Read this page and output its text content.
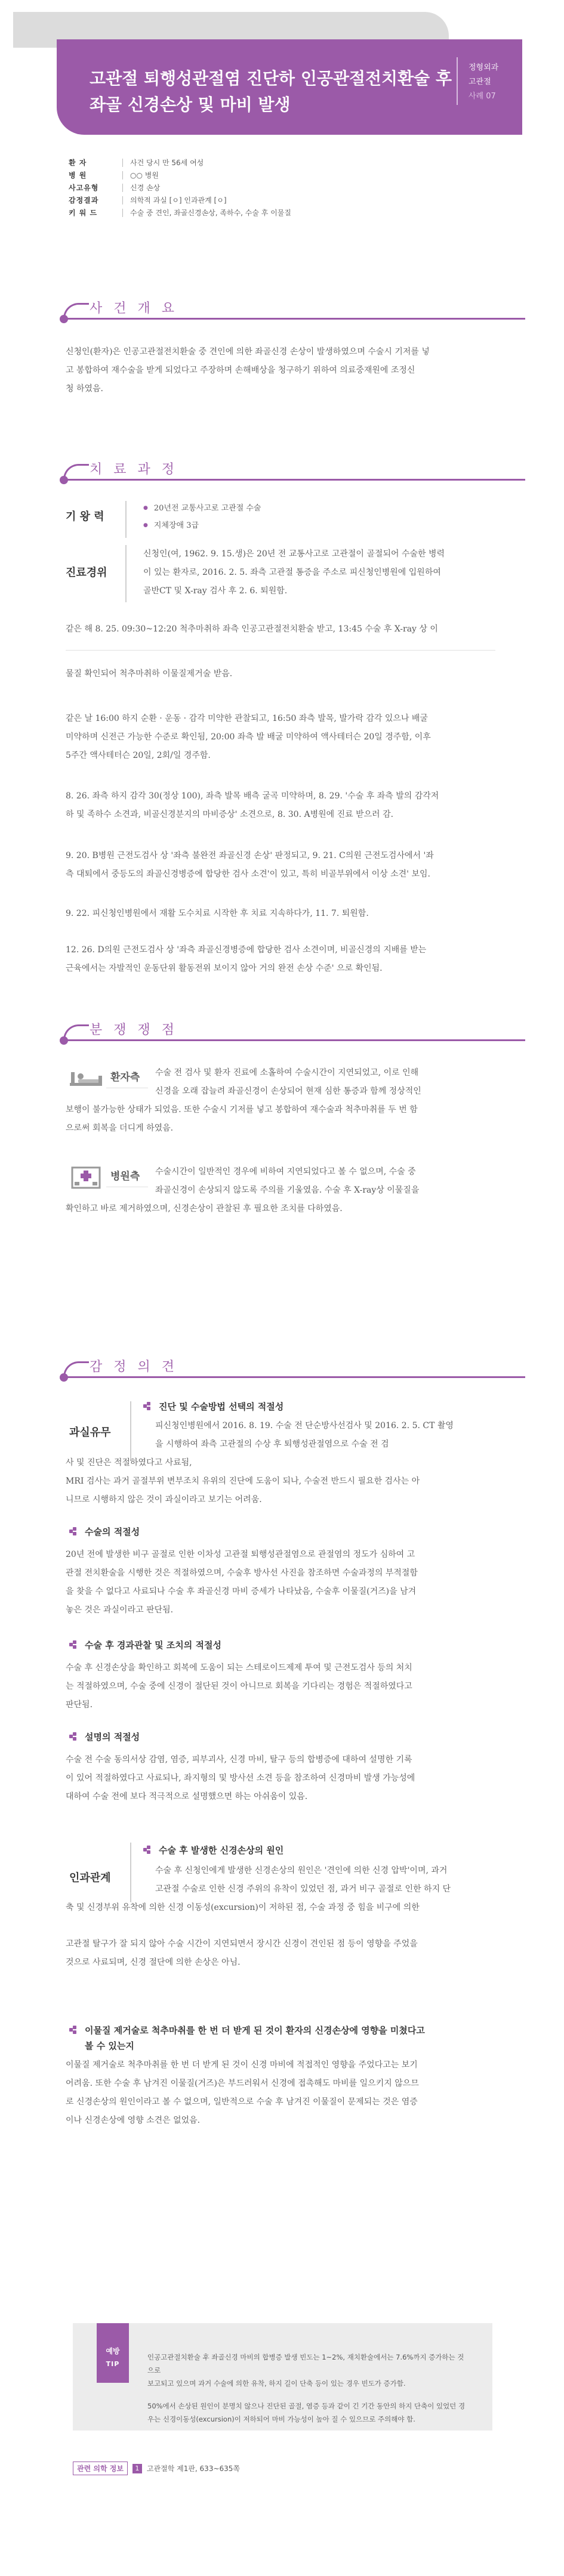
고관절 퇴행성관절염 진단하 인공관절전치환술 후
좌골 신경손상 및 마비 발생
정형외과
고관절
사례 07
환 자	사건 당시 만 56세 여성
병 원	○○ 병원
사고유형	신경 손상
감정결과	의학적 과실 [ㅇ] 인과관계 [ㅇ]
키 워 드	수술 중 견인, 좌골신경손상, 족하수, 수술 후 이물질
사 건 개 요
신청인(환자)은 인공고관절전치환술 중 견인에 의한 좌골신경 손상이 발생하였으며 수술시 기저를 넣
고 봉합하여 재수술을 받게 되었다고 주장하며 손해배상을 청구하기 위하여 의료중재원에 조정신
청 하였음.
치 료 과 정
기 왕 력
● 20년전 교통사고로 고관절 수술
● 지체장애 3급
진료경위
신청인(여, 1962. 9. 15.생)은 20년 전 교통사고로 고관절이 골절되어 수술한 병력
이 있는 환자로, 2016. 2. 5. 좌측 고관절 통증을 주소로 피신청인병원에 입원하여
골반CT 및 X-ray 검사 후 2. 6. 퇴원함.
같은 해 8. 25. 09:30~12:20 척추마취하 좌측 인공고관절전치환술 받고, 13:45 수술 후 X-ray 상 이
물질 확인되어 척추마취하 이물질제거술 받음.
같은 날 16:00 하지 순환 · 운동 · 감각 미약한 관찰되고, 16:50 좌측 발목, 발가락 감각 있으나 배굴
미약하며 신전근 가능한 수준로 확인됨, 20:00 좌측 발 배굴 미약하여 액사테터슨 20일 경주함, 이후
5주간 액사테터슨 20일, 2회/일 경주함.
8. 26. 좌측 하지 감각 30(정상 100), 좌측 발목 배측 굴곡 미약하며, 8. 29. '수술 후 좌측 발의 감각저
하 및 족하수 소견과, 비골신경분지의 마비증상' 소견으로, 8. 30. A병원에 진료 받으러 감.
9. 20. B병원 근전도검사 상 '좌측 불완전 좌골신경 손상' 판정되고, 9. 21. C의원 근전도검사에서 '좌
측 대퇴에서 중등도의 좌골신경병증에 합당한 검사 소견'이 있고, 특히 비골부위에서 이상 소견' 보임.
9. 22. 피신청인병원에서 재활 도수치료 시작한 후 치료 지속하다가, 11. 7. 퇴원함.
12. 26. D의원 근전도검사 상 '좌측 좌골신경병증에 합당한 검사 소견이며, 비골신경의 지배를 받는
근육에서는 자발적인 운동단위 활동전위 보이지 않아 거의 완전 손상 수준' 으로 확인됨.
분 쟁 쟁 점
환자측	수술 전 검사 및 환자 진료에 소홀하여 수술시간이 지연되었고, 이로 인해
신경을 오래 잡늘려 좌골신경이 손상되어 현재 심한 통증과 함께 정상적인
보행이 불가능한 상태가 되었음. 또한 수술시 기저를 넣고 봉합하여 재수술과 척추마취를 두 번 함
으로써 회복을 더디게 하였음.
병원측	수술시간이 일반적인 경우에 비하여 지연되었다고 볼 수 없으며, 수술 중
좌골신경이 손상되지 않도록 주의를 기울였음. 수술 후 X-ray상 이물질을
확인하고 바로 제거하였으며, 신경손상이 관찰된 후 필요한 조치를 다하였음.
감 정 의 견
과실유무
진단 및 수술방법 선택의 적절성
피신청인병원에서 2016. 8. 19. 수술 전 단순방사선검사 및 2016. 2. 5. CT 촬영
을 시행하여 좌측 고관절의 수상 후 퇴행성관절염으로 수술 전 검
사 및 진단은 적절하였다고 사료됨,
MRI 검사는 과거 골절부위 변부조치 유위의 진단에 도움이 되나, 수술전 반드시 필요한 검사는 아
니므로 시행하지 않은 것이 과실이라고 보기는 어려움.
수술의 적절성
20년 전에 발생한 비구 골절로 인한 이차성 고관절 퇴행성관절염으로 관절염의 정도가 심하여 고
관절 전치환술을 시행한 것은 적절하였으며, 수술후 방사선 사진을 참조하면 수술과정의 부적절함
을 찾을 수 없다고 사료되나 수술 후 좌골신경 마비 증세가 나타났음, 수술후 이물질(거즈)을 남겨
놓은 것은 과실이라고 판단됨.
수술 후 경과관찰 및 조치의 적절성
수술 후 신경손상을 확인하고 회복에 도움이 되는 스테로이드제제 투여 및 근전도검사 등의 처치
는 적절하였으며, 수술 중에 신경이 절단된 것이 아니므로 회복을 기다리는 경험은 적절하였다고
판단됨.
설명의 적절성
수술 전 수술 동의서상 감염, 염증, 피부괴사, 신경 마비, 탈구 등의 합병증에 대하여 설명한 기록
이 있어 적절하였다고 사료되나, 좌지형의 및 방사선 소견 등을 참조하여 신경마비 발생 가능성에
대하여 수술 전에 보다 적극적으로 설명했으면 하는 아쉬움이 있음.
인과관계
수술 후 발생한 신경손상의 원인
수술 후 신청인에게 발생한 신경손상의 원인은 '견인에 의한 신경 압박'이며, 과거
고관절 수술로 인한 신경 주위의 유착이 있었던 점, 과거 비구 골절로 인한 하지 단
축 및 신경부위 유착에 의한 신경 이동성(excursion)이 저하된 점, 수술 과정 중 힘을 비구에 의한
고관절 탈구가 잘 되지 않아 수술 시간이 지연되면서 장시간 신경이 견인된 점 등이 영향을 주었을
것으로 사료되며, 신경 절단에 의한 손상은 아님.
이물질 제거술로 척추마취를 한 번 더 받게 된 것이 환자의 신경손상에 영향을 미쳤다고
볼 수 있는지
이물질 제거술로 척추마취를 한 번 더 받게 된 것이 신경 마비에 적접적인 영향을 주었다고는 보기
어려움. 또한 수술 후 남겨진 이물질(거즈)은 부드러워서 신경에 접촉해도 마비를 일으키지 않으므
로 신경손상의 원인이라고 볼 수 없으며, 일반적으로 수술 후 남겨진 이물질이 문제되는 것은 염증
이나 신경손상에 영향 소견은 없었음.
예방
TIP

인공고관절치환술 후 좌골신경 마비의 합병증 발생 빈도는 1~2%, 재치환술에서는 7.6%까지 증가하는 것으로
보고되고 있으며 과거 수술에 의한 유착, 하지 길이 단축 등이 있는 경우 빈도가 증가함.

50%에서 손상된 원인이 분명치 않으나 진단된 골절, 염증 등과 같이 긴 기간 동안의 하지 단축이 있었던 경
우는 신경이동성(excursion)이 저하되어 마비 가능성이 높아 질 수 있으므로 주의해야 함.

관련 의학 정보	1	고관절학 제1판, 633~635쪽
